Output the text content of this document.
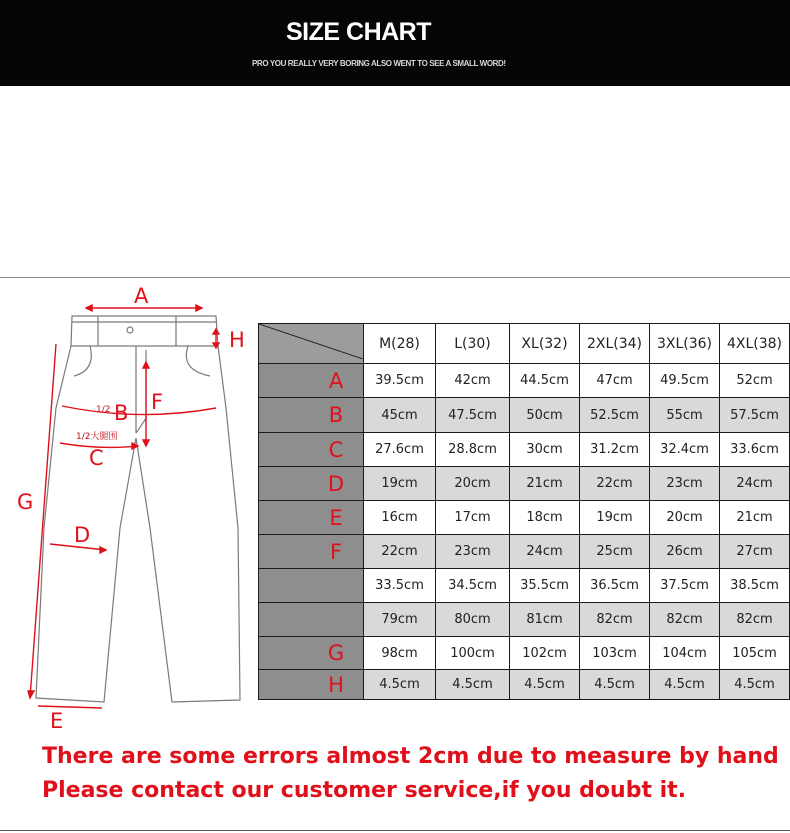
SIZE CHART
PRO YOU REALLY VERY BORING ALSO WENT TO SEE A SMALL WORD!
A
H
1/2 B F
1/2大腿围
C
G
D
E
	M(28)	L(30)	XL(32)	2XL(34)	3XL(36)	4XL(38)
A	39.5cm	42cm	44.5cm	47cm	49.5cm	52cm
B	45cm	47.5cm	50cm	52.5cm	55cm	57.5cm
C	27.6cm	28.8cm	30cm	31.2cm	32.4cm	33.6cm
D	19cm	20cm	21cm	22cm	23cm	24cm
E	16cm	17cm	18cm	19cm	20cm	21cm
F	22cm	23cm	24cm	25cm	26cm	27cm
	33.5cm	34.5cm	35.5cm	36.5cm	37.5cm	38.5cm
	79cm	80cm	81cm	82cm	82cm	82cm
G	98cm	100cm	102cm	103cm	104cm	105cm
H	4.5cm	4.5cm	4.5cm	4.5cm	4.5cm	4.5cm
There are some errors almost 2cm due to measure by hand
Please contact our customer service,if you doubt it.
